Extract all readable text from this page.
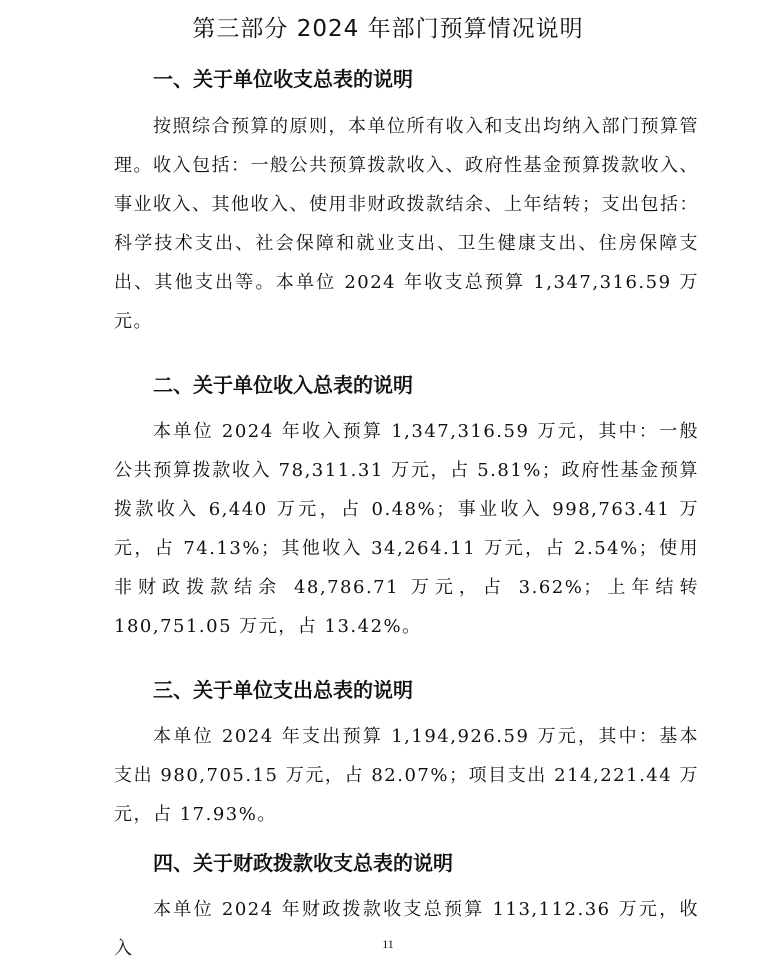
第三部分 2024 年部门预算情况说明
一、关于单位收支总表的说明

按照综合预算的原则，本单位所有收入和支出均纳入部门预算管理。收入包括：一般公共预算拨款收入、政府性基金预算拨款收入、事业收入、其他收入、使用非财政拨款结余、上年结转；支出包括：科学技术支出、社会保障和就业支出、卫生健康支出、住房保障支出、其他支出等。本单位 2024 年收支总预算 1,347,316.59 万元。

二、关于单位收入总表的说明

本单位 2024 年收入预算 1,347,316.59 万元，其中：一般公共预算拨款收入 78,311.31 万元，占 5.81%；政府性基金预算拨款收入 6,440 万元，占 0.48%；事业收入 998,763.41 万元，占 74.13%；其他收入 34,264.11 万元，占 2.54%；使用非财政拨款结余 48,786.71 万元，占 3.62%；上年结转 180,751.05 万元，占 13.42%。

三、关于单位支出总表的说明

本单位 2024 年支出预算 1,194,926.59 万元，其中：基本支出 980,705.15 万元，占 82.07%；项目支出 214,221.44 万元，占 17.93%。

四、关于财政拨款收支总表的说明

本单位 2024 年财政拨款收支总预算 113,112.36 万元，收入	11
